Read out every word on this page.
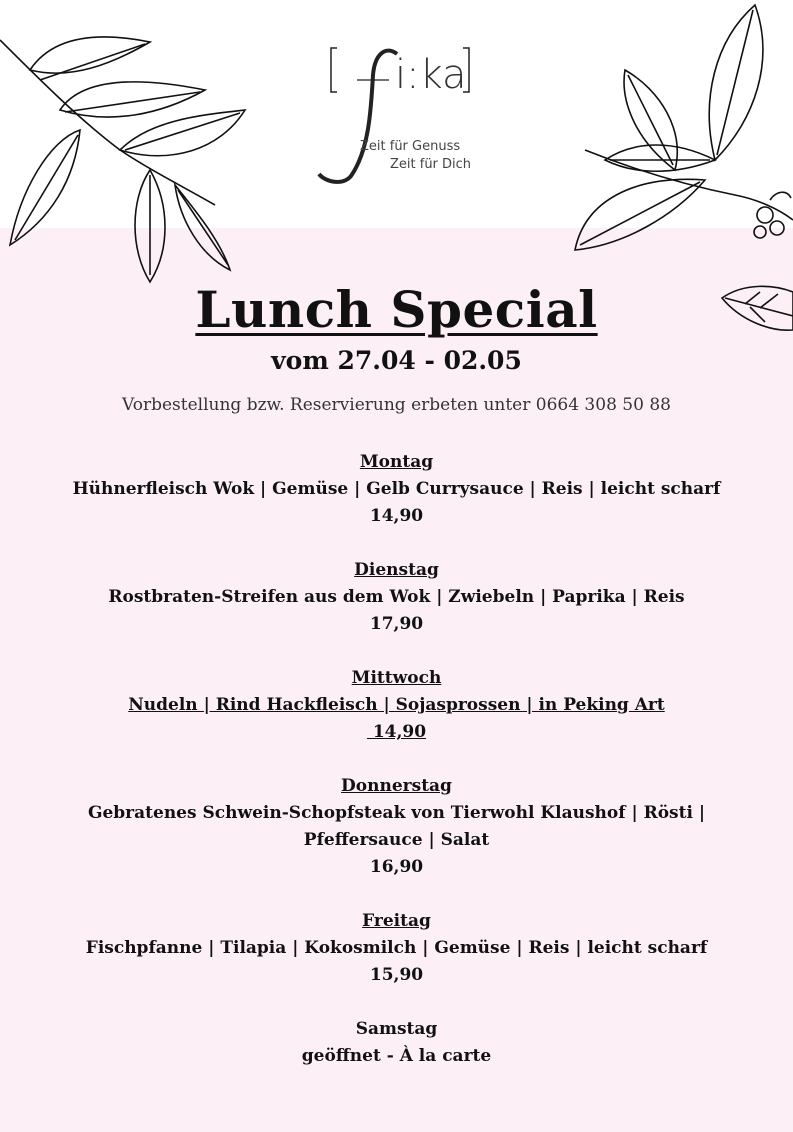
i:ka
Zeit für Genuss
Zeit für Dich
Lunch Special
vom 27.04 - 02.05
Vorbestellung bzw. Reservierung erbeten unter 0664 308 50 88
Montag
Hühnerfleisch Wok | Gemüse | Gelb Currysauce | Reis | leicht scharf
14,90
Dienstag
Rostbraten-Streifen aus dem Wok | Zwiebeln | Paprika | Reis
17,90
Mittwoch
Nudeln | Rind Hackfleisch | Sojasprossen | in Peking Art
14,90
Donnerstag
Gebratenes Schwein-Schopfsteak von Tierwohl Klaushof | Rösti | Pfeffersauce | Salat
16,90
Freitag
Fischpfanne | Tilapia | Kokosmilch | Gemüse | Reis | leicht scharf
15,90
Samstag
geöffnet - À la carte
